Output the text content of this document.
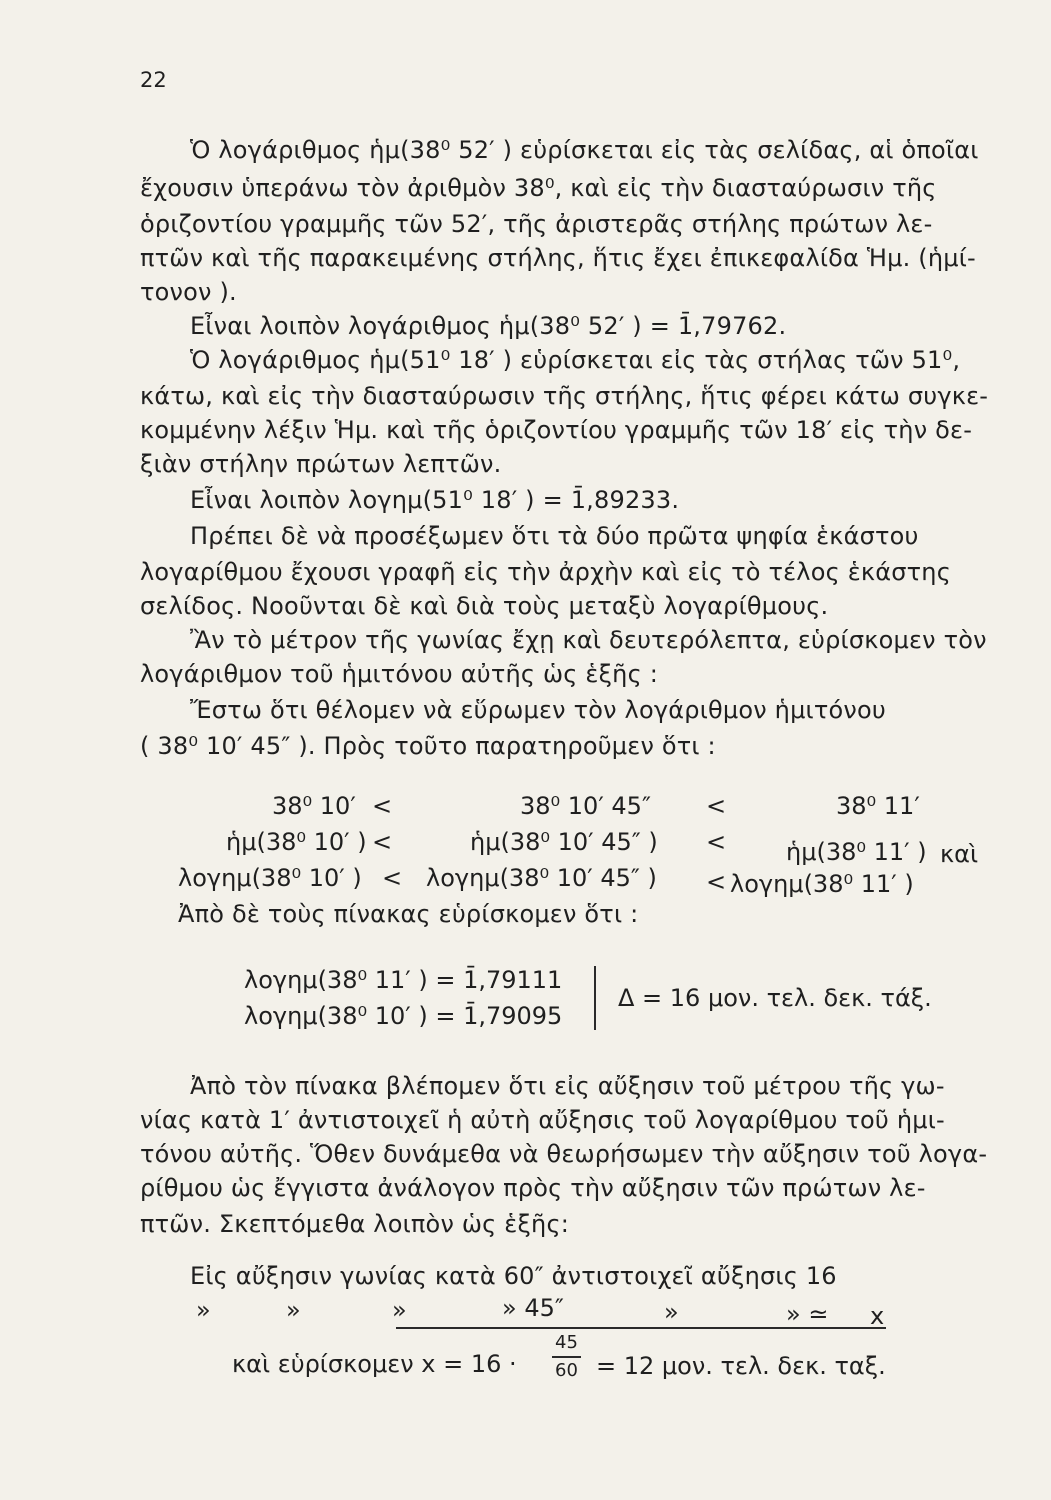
22
Ὁ λογάριθμος ἡμ(38⁰ 52′ ) εὑρίσκεται εἰς τὰς σελίδας, αἱ ὁποῖαι
ἔχουσιν ὑπεράνω τὸν ἀριθμὸν 38⁰, καὶ εἰς τὴν διασταύρωσιν τῆς
ὁριζοντίου γραμμῆς τῶν 52′, τῆς ἀριστερᾶς στήλης πρώτων λε-
πτῶν καὶ τῆς παρακειμένης στήλης, ἥτις ἔχει ἐπικεφαλίδα Ἡμ. (ἡμί-
τονον ).
Εἶναι λοιπὸν λογάριθμος ἡμ(38⁰ 52′ ) = 1̄,79762.
Ὁ λογάριθμος ἡμ(51⁰ 18′ ) εὑρίσκεται εἰς τὰς στήλας τῶν 51⁰,
κάτω, καὶ εἰς τὴν διασταύρωσιν τῆς στήλης, ἥτις φέρει κάτω συγκε-
κομμένην λέξιν Ἡμ. καὶ τῆς ὁριζοντίου γραμμῆς τῶν 18′ εἰς τὴν δε-
ξιὰν στήλην πρώτων λεπτῶν.
Εἶναι λοιπὸν λογημ(51⁰ 18′ ) = 1̄,89233.
Πρέπει δὲ νὰ προσέξωμεν ὅτι τὰ δύο πρῶτα ψηφία ἑκάστου
λογαρίθμου ἔχουσι γραφῆ εἰς τὴν ἀρχὴν καὶ εἰς τὸ τέλος ἑκάστης
σελίδος. Νοοῦνται δὲ καὶ διὰ τοὺς μεταξὺ λογαρίθμους.
Ἂν τὸ μέτρον τῆς γωνίας ἔχῃ καὶ δευτερόλεπτα, εὑρίσκομεν τὸν
λογάριθμον τοῦ ἡμιτόνου αὐτῆς ὡς ἑξῆς :
Ἔστω ὅτι θέλομεν νὰ εὕρωμεν τὸν λογάριθμον ἡμιτόνου
( 38⁰ 10′ 45″ ). Πρὸς τοῦτο παρατηροῦμεν ὅτι :
38⁰ 10′ <	38⁰ 10′ 45″ <	38⁰ 11′
ἡμ(38⁰ 10′ ) <	ἡμ(38⁰ 10′ 45″ ) < ἡμ(38⁰ 11′ ) καὶ
λογημ(38⁰ 10′ ) < λογημ(38⁰ 10′ 45″ ) < λογημ(38⁰ 11′ )
Ἀπὸ δὲ τοὺς πίνακας εὑρίσκομεν ὅτι :
λογημ(38⁰ 11′ ) = 1̄,79111
λογημ(38⁰ 10′ ) = 1̄,79095
Δ = 16 μον. τελ. δεκ. τάξ.
Ἀπὸ τὸν πίνακα βλέπομεν ὅτι εἰς αὔξησιν τοῦ μέτρου τῆς γω-
νίας κατὰ 1′ ἀντιστοιχεῖ ἡ αὐτὴ αὔξησις τοῦ λογαρίθμου τοῦ ἡμι-
τόνου αὐτῆς. Ὅθεν δυνάμεθα νὰ θεωρήσωμεν τὴν αὔξησιν τοῦ λογα-
ρίθμου ὡς ἔγγιστα ἀνάλογον πρὸς τὴν αὔξησιν τῶν πρώτων λε-
πτῶν. Σκεπτόμεθα λοιπὸν ὡς ἑξῆς:
Εἰς αὔξησιν γωνίας κατὰ 60″ ἀντιστοιχεῖ αὔξησις 16
»	»	»	» 45″	»	» ≃ x
καὶ εὑρίσκομεν $x = 16 \cdot \frac{45}{60} = 12$ μον. τελ. δεκ. ταξ.
